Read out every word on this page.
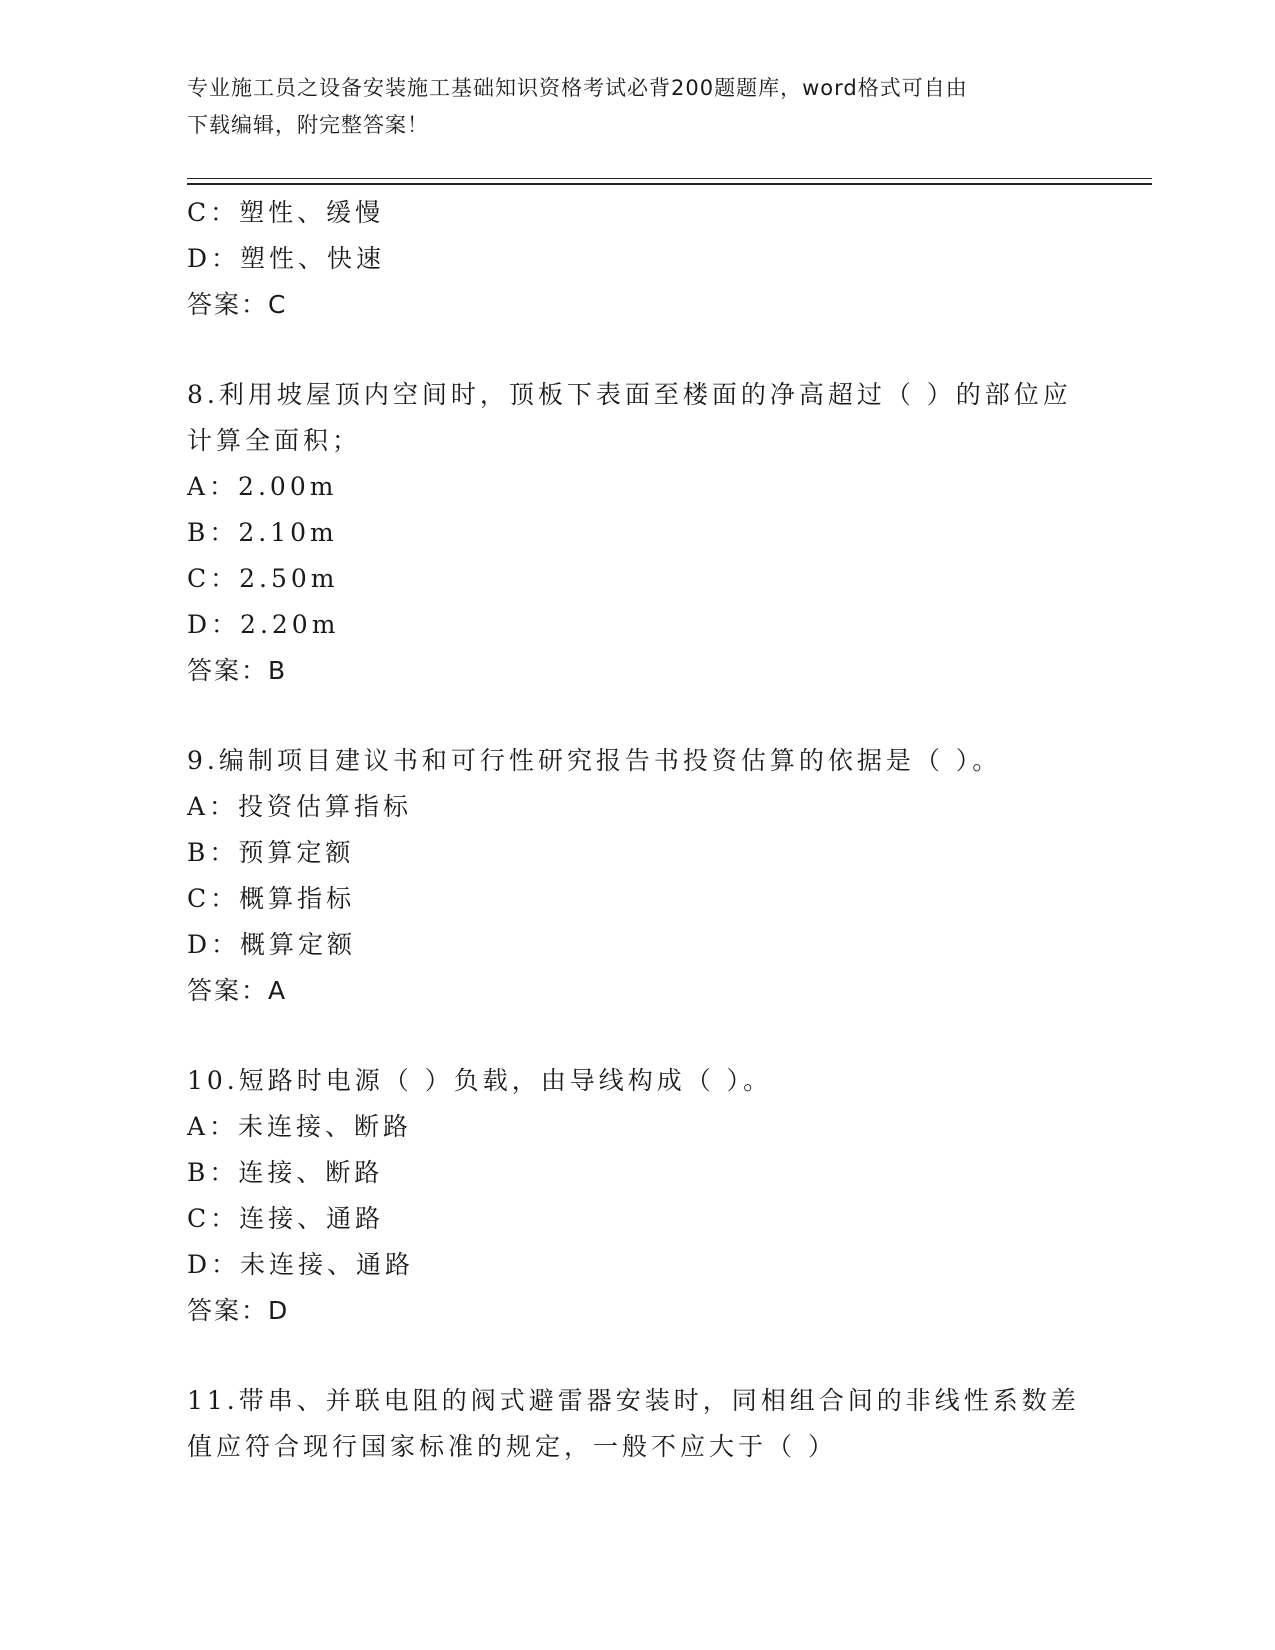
专业施工员之设备安装施工基础知识资格考试必背200题题库，word格式可自由
下载编辑，附完整答案！
C：塑性、缓慢
D：塑性、快速
答案：C
8.利用坡屋顶内空间时，顶板下表面至楼面的净高超过（ ）的部位应
计算全面积；
A：2.00m
B：2.10m
C：2.50m
D：2.20m
答案：B
9.编制项目建议书和可行性研究报告书投资估算的依据是（ ）。
A：投资估算指标
B：预算定额
C：概算指标
D：概算定额
答案：A
10.短路时电源（ ）负载，由导线构成（ ）。
A：未连接、断路
B：连接、断路
C：连接、通路
D：未连接、通路
答案：D
11.带串、并联电阻的阀式避雷器安装时，同相组合间的非线性系数差
值应符合现行国家标准的规定，一般不应大于（ ）
